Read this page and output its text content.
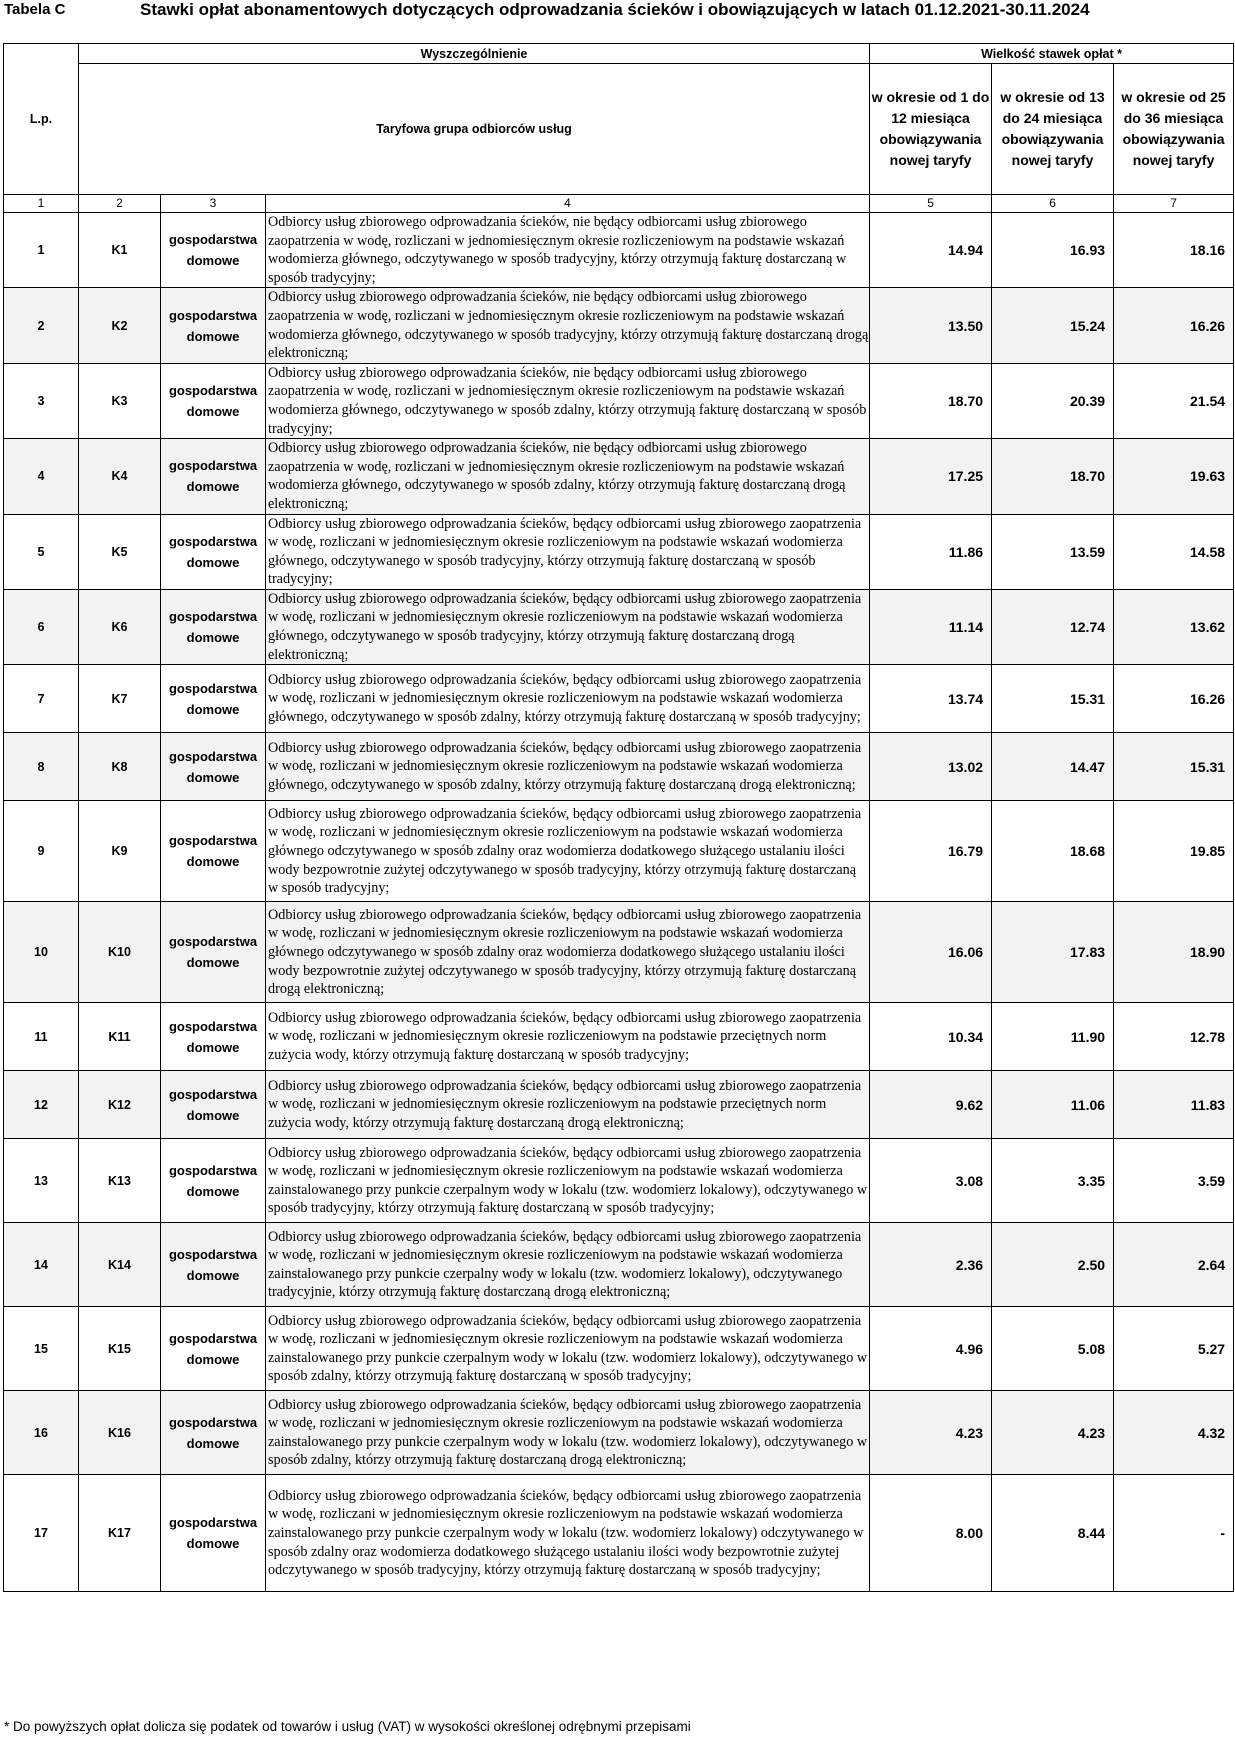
Tabela C	Stawki opłat abonamentowych dotyczących odprowadzania ścieków i obowiązujących w latach 01.12.2021-30.11.2024
L.p.	Wyszczególnienie			Wielkość stawek opłat *		
	Taryfowa grupa odbiorców usług			w okresie od 1 do 12 miesiąca obowiązywania nowej taryfy	w okresie od 13 do 24 miesiąca obowiązywania nowej taryfy	w okresie od 25 do 36 miesiąca obowiązywania nowej taryfy
1	2	3	4	5	6	7
1	K1	gospodarstwa domowe	Odbiorcy usług zbiorowego odprowadzania ścieków, nie będący odbiorcami usług zbiorowego zaopatrzenia w wodę, rozliczani w jednomiesięcznym okresie rozliczeniowym na podstawie wskazań wodomierza głównego, odczytywanego w sposób tradycyjny, którzy otrzymują fakturę dostarczaną w sposób tradycyjny;	14.94	16.93	18.16
2	K2	gospodarstwa domowe	Odbiorcy usług zbiorowego odprowadzania ścieków, nie będący odbiorcami usług zbiorowego zaopatrzenia w wodę, rozliczani w jednomiesięcznym okresie rozliczeniowym na podstawie wskazań wodomierza głównego, odczytywanego w sposób tradycyjny, którzy otrzymują fakturę dostarczaną drogą elektroniczną;	13.50	15.24	16.26
3	K3	gospodarstwa domowe	Odbiorcy usług zbiorowego odprowadzania ścieków, nie będący odbiorcami usług zbiorowego zaopatrzenia w wodę, rozliczani w jednomiesięcznym okresie rozliczeniowym na podstawie wskazań wodomierza głównego, odczytywanego w sposób zdalny, którzy otrzymują fakturę dostarczaną w sposób tradycyjny;	18.70	20.39	21.54
4	K4	gospodarstwa domowe	Odbiorcy usług zbiorowego odprowadzania ścieków, nie będący odbiorcami usług zbiorowego zaopatrzenia w wodę, rozliczani w jednomiesięcznym okresie rozliczeniowym na podstawie wskazań wodomierza głównego, odczytywanego w sposób zdalny, którzy otrzymują fakturę dostarczaną drogą elektroniczną;	17.25	18.70	19.63
5	K5	gospodarstwa domowe	Odbiorcy usług zbiorowego odprowadzania ścieków, będący odbiorcami usług zbiorowego zaopatrzenia w wodę, rozliczani w jednomiesięcznym okresie rozliczeniowym na podstawie wskazań wodomierza głównego, odczytywanego w sposób tradycyjny, którzy otrzymują fakturę dostarczaną w sposób tradycyjny;	11.86	13.59	14.58
6	K6	gospodarstwa domowe	Odbiorcy usług zbiorowego odprowadzania ścieków, będący odbiorcami usług zbiorowego zaopatrzenia w wodę, rozliczani w jednomiesięcznym okresie rozliczeniowym na podstawie wskazań wodomierza głównego, odczytywanego w sposób tradycyjny, którzy otrzymują fakturę dostarczaną drogą elektroniczną;	11.14	12.74	13.62
7	K7	gospodarstwa domowe	Odbiorcy usług zbiorowego odprowadzania ścieków, będący odbiorcami usług zbiorowego zaopatrzenia w wodę, rozliczani w jednomiesięcznym okresie rozliczeniowym na podstawie wskazań wodomierza głównego, odczytywanego w sposób zdalny, którzy otrzymują fakturę dostarczaną w sposób tradycyjny;	13.74	15.31	16.26
8	K8	gospodarstwa domowe	Odbiorcy usług zbiorowego odprowadzania ścieków, będący odbiorcami usług zbiorowego zaopatrzenia w wodę, rozliczani w jednomiesięcznym okresie rozliczeniowym na podstawie wskazań wodomierza głównego, odczytywanego w sposób zdalny, którzy otrzymują fakturę dostarczaną drogą elektroniczną;	13.02	14.47	15.31
9	K9	gospodarstwa domowe	Odbiorcy usług zbiorowego odprowadzania ścieków, będący odbiorcami usług zbiorowego zaopatrzenia w wodę, rozliczani w jednomiesięcznym okresie rozliczeniowym na podstawie wskazań wodomierza głównego odczytywanego w sposób zdalny oraz wodomierza dodatkowego służącego ustalaniu ilości wody bezpowrotnie zużytej odczytywanego w sposób tradycyjny, którzy otrzymują fakturę dostarczaną w sposób tradycyjny;	16.79	18.68	19.85
10	K10	gospodarstwa domowe	Odbiorcy usług zbiorowego odprowadzania ścieków, będący odbiorcami usług zbiorowego zaopatrzenia w wodę, rozliczani w jednomiesięcznym okresie rozliczeniowym na podstawie wskazań wodomierza głównego odczytywanego w sposób zdalny oraz wodomierza dodatkowego służącego ustalaniu ilości wody bezpowrotnie zużytej odczytywanego w sposób tradycyjny, którzy otrzymują fakturę dostarczaną drogą elektroniczną;	16.06	17.83	18.90
11	K11	gospodarstwa domowe	Odbiorcy usług zbiorowego odprowadzania ścieków, będący odbiorcami usług zbiorowego zaopatrzenia w wodę, rozliczani w jednomiesięcznym okresie rozliczeniowym na podstawie przeciętnych norm zużycia wody, którzy otrzymują fakturę dostarczaną w sposób tradycyjny;	10.34	11.90	12.78
12	K12	gospodarstwa domowe	Odbiorcy usług zbiorowego odprowadzania ścieków, będący odbiorcami usług zbiorowego zaopatrzenia w wodę, rozliczani w jednomiesięcznym okresie rozliczeniowym na podstawie przeciętnych norm zużycia wody, którzy otrzymują fakturę dostarczaną drogą elektroniczną;	9.62	11.06	11.83
13	K13	gospodarstwa domowe	Odbiorcy usług zbiorowego odprowadzania ścieków, będący odbiorcami usług zbiorowego zaopatrzenia w wodę, rozliczani w jednomiesięcznym okresie rozliczeniowym na podstawie wskazań wodomierza zainstalowanego przy punkcie czerpalnym wody w lokalu (tzw. wodomierz lokalowy), odczytywanego w sposób tradycyjny, którzy otrzymują fakturę dostarczaną w sposób tradycyjny;	3.08	3.35	3.59
14	K14	gospodarstwa domowe	Odbiorcy usług zbiorowego odprowadzania ścieków, będący odbiorcami usług zbiorowego zaopatrzenia w wodę, rozliczani w jednomiesięcznym okresie rozliczeniowym na podstawie wskazań wodomierza zainstalowanego przy punkcie czerpalny wody w lokalu (tzw. wodomierz lokalowy), odczytywanego tradycyjnie, którzy otrzymują fakturę dostarczaną drogą elektroniczną;	2.36	2.50	2.64
15	K15	gospodarstwa domowe	Odbiorcy usług zbiorowego odprowadzania ścieków, będący odbiorcami usług zbiorowego zaopatrzenia w wodę, rozliczani w jednomiesięcznym okresie rozliczeniowym na podstawie wskazań wodomierza zainstalowanego przy punkcie czerpalnym wody w lokalu (tzw. wodomierz lokalowy), odczytywanego w sposób zdalny, którzy otrzymują fakturę dostarczaną w sposób tradycyjny;	4.96	5.08	5.27
16	K16	gospodarstwa domowe	Odbiorcy usług zbiorowego odprowadzania ścieków, będący odbiorcami usług zbiorowego zaopatrzenia w wodę, rozliczani w jednomiesięcznym okresie rozliczeniowym na podstawie wskazań wodomierza zainstalowanego przy punkcie czerpalnym wody w lokalu (tzw. wodomierz lokalowy), odczytywanego w sposób zdalny, którzy otrzymują fakturę dostarczaną drogą elektroniczną;	4.23	4.23	4.32
17	K17	gospodarstwa domowe	Odbiorcy usług zbiorowego odprowadzania ścieków, będący odbiorcami usług zbiorowego zaopatrzenia w wodę, rozliczani w jednomiesięcznym okresie rozliczeniowym na podstawie wskazań wodomierza zainstalowanego przy punkcie czerpalnym wody w lokalu (tzw. wodomierz lokalowy) odczytywanego w sposób zdalny oraz wodomierza dodatkowego służącego ustalaniu ilości wody bezpowrotnie zużytej odczytywanego w sposób tradycyjny, którzy otrzymują fakturę dostarczaną w sposób tradycyjny;	8.00	8.44	-
* Do powyższych opłat dolicza się podatek od towarów i usług (VAT) w wysokości określonej odrębnymi przepisami
